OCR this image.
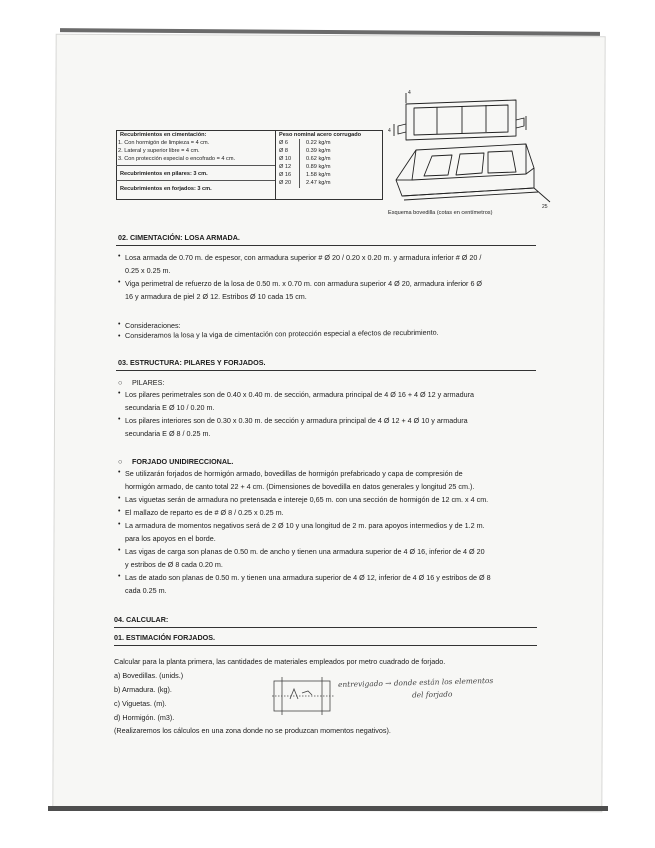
Recubrimientos en cimentación:
1. Con hormigón de limpieza = 4 cm.
2. Lateral y superior libre = 4 cm.
3. Con protección especial o encofrado = 4 cm.
Recubrimientos en pilares: 3 cm.
Recubrimientos en forjados: 3 cm.
Peso nominal acero corrugado
Ø 6	0.22 kg/m
Ø 8	0.39 kg/m
Ø 10	0.62 kg/m
Ø 12	0.89 kg/m
Ø 16	1.58 kg/m
Ø 20	2.47 kg/m
4
4
25
Esquema bovedilla (cotas en centímetros)
02. CIMENTACIÓN: LOSA ARMADA.
• Losa armada de 0.70 m. de espesor, con armadura superior # Ø 20 / 0.20 x 0.20 m. y armadura inferior # Ø 20 /
0.25 x 0.25 m.
• Viga perimetral de refuerzo de la losa de 0.50 m. x 0.70 m. con armadura superior 4 Ø 20, armadura inferior 6 Ø
16 y armadura de piel 2 Ø 12. Estribos Ø 10 cada 15 cm.
• Consideraciones:
• Consideramos la losa y la viga de cimentación con protección especial a efectos de recubrimiento.
03. ESTRUCTURA: PILARES Y FORJADOS.
○ PILARES:
• Los pilares perimetrales son de 0.40 x 0.40 m. de sección, armadura principal de 4 Ø 16 + 4 Ø 12 y armadura
secundaria E Ø 10 / 0.20 m.
• Los pilares interiores son de 0.30 x 0.30 m. de sección y armadura principal de 4 Ø 12 + 4 Ø 10 y armadura
secundaria E Ø 8 / 0.25 m.
○ FORJADO UNIDIRECCIONAL.
• Se utilizarán forjados de hormigón armado, bovedillas de hormigón prefabricado y capa de compresión de
hormigón armado, de canto total 22 + 4 cm. (Dimensiones de bovedilla en datos generales y longitud 25 cm.).
• Las viguetas serán de armadura no pretensada e intereje 0,65 m. con una sección de hormigón de 12 cm. x 4 cm.
• El mallazo de reparto es de # Ø 8 / 0.25 x 0.25 m.
• La armadura de momentos negativos será de 2 Ø 10 y una longitud de 2 m. para apoyos intermedios y de 1.2 m.
para los apoyos en el borde.
• Las vigas de carga son planas de 0.50 m. de ancho y tienen una armadura superior de 4 Ø 16, inferior de 4 Ø 20
y estribos de Ø 8 cada 0.20 m.
• Las de atado son planas de 0.50 m. y tienen una armadura superior de 4 Ø 12, inferior de 4 Ø 16 y estribos de Ø 8
cada 0.25 m.
04. CALCULAR:
01. ESTIMACIÓN FORJADOS.
Calcular para la planta primera, las cantidades de materiales empleados por metro cuadrado de forjado.
a) Bovedillas. (unids.)
b) Armadura. (kg).
c) Viguetas. (m).
d) Hormigón. (m3).
(Realizaremos los cálculos en una zona donde no se produzcan momentos negativos).
entrevigado → donde están los elementos
del forjado
